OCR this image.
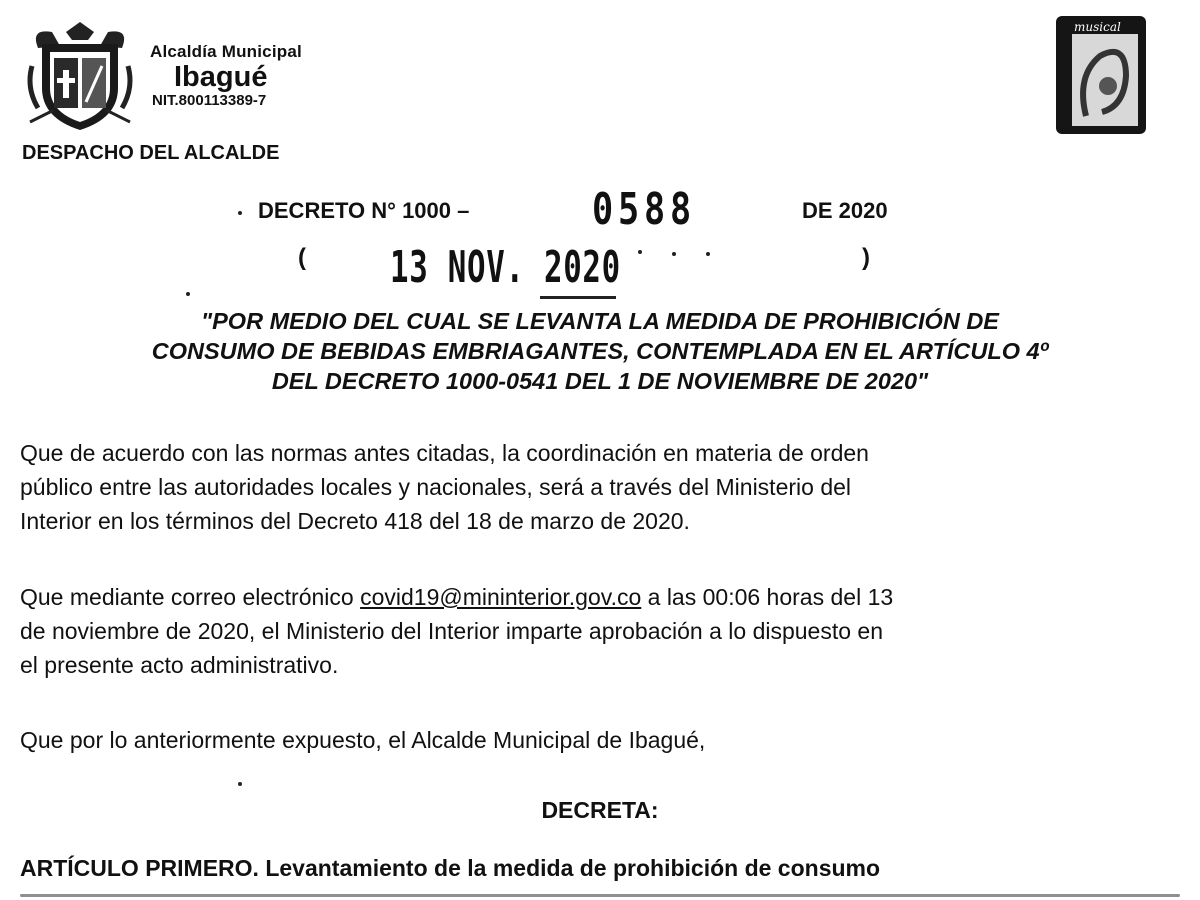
Alcaldía Municipal
Ibagué
NIT.800113389-7
DESPACHO DEL ALCALDE
musical
DECRETO N° 1000 –	0588	DE 2020
( 13 NOV. 2020	)
"POR MEDIO DEL CUAL SE LEVANTA LA MEDIDA DE PROHIBICIÓN DE
CONSUMO DE BEBIDAS EMBRIAGANTES, CONTEMPLADA EN EL ARTÍCULO 4º
DEL DECRETO 1000-0541 DEL 1 DE NOVIEMBRE DE 2020"
Que de acuerdo con las normas antes citadas, la coordinación en materia de orden
público entre las autoridades locales y nacionales, será a través del Ministerio del
Interior en los términos del Decreto 418 del 18 de marzo de 2020.
Que mediante correo electrónico covid19@mininterior.gov.co a las 00:06 horas del 13
de noviembre de 2020, el Ministerio del Interior imparte aprobación a lo dispuesto en
el presente acto administrativo.
Que por lo anteriormente expuesto, el Alcalde Municipal de Ibagué,
DECRETA:
ARTÍCULO PRIMERO. Levantamiento de la medida de prohibición de consumo
